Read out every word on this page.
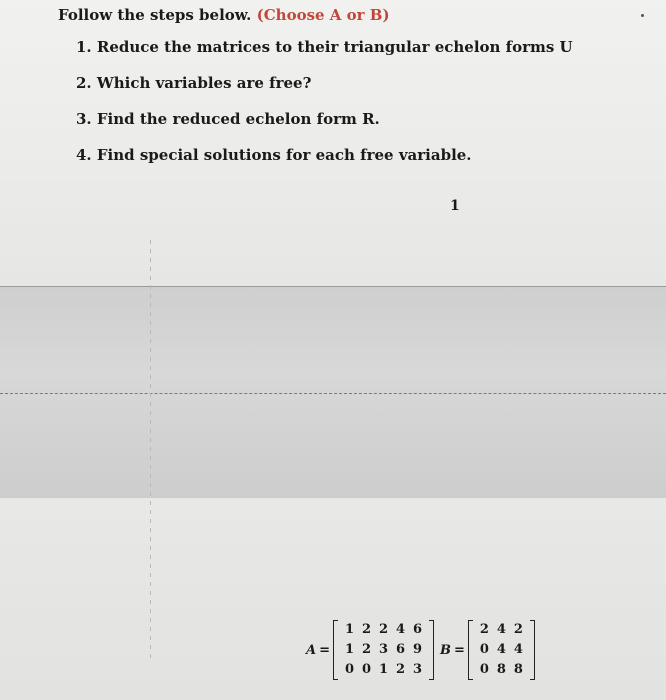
Follow the steps below. (Choose A or B)
1. Reduce the matrices to their triangular echelon forms U
2. Which variables are free?
3. Find the reduced echelon form R.
4. Find special solutions for each free variable.
1
A =
1 2 2 4 6
1 2 3 6 9
0 0 1 2 3
B =
2 4 2
0 4 4
0 8 8
